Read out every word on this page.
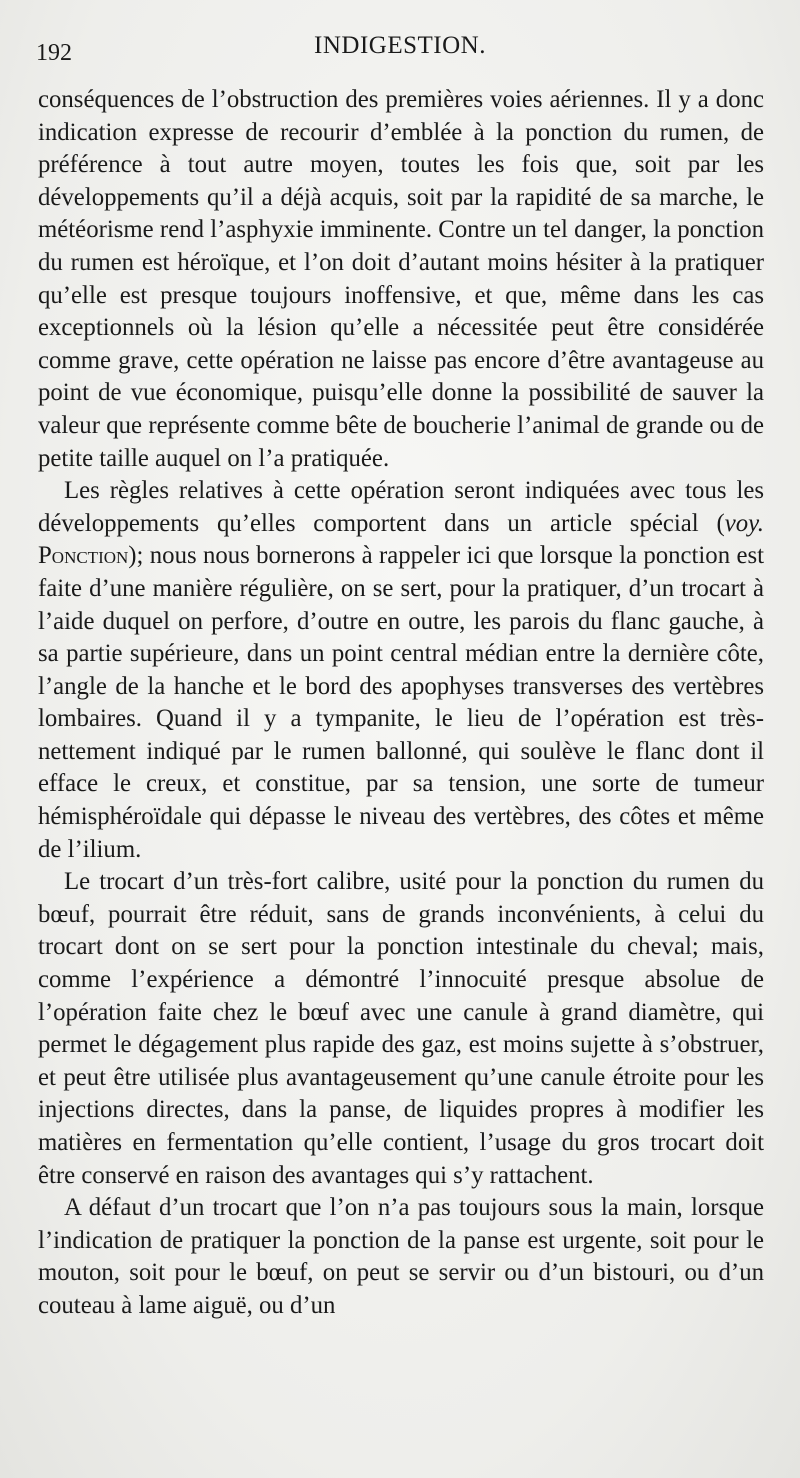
192	INDIGESTION.

conséquences de l’obstruction des premières voies aériennes. Il y a donc indication expresse de recourir d’emblée à la ponction du rumen, de préférence à tout autre moyen, toutes les fois que, soit par les développements qu’il a déjà acquis, soit par la rapidité de sa marche, le météorisme rend l’asphyxie imminente. Contre un tel danger, la ponction du rumen est héroïque, et l’on doit d’autant moins hésiter à la pratiquer qu’elle est presque toujours inoffensive, et que, même dans les cas exceptionnels où la lésion qu’elle a nécessitée peut être considérée comme grave, cette opération ne laisse pas encore d’être avantageuse au point de vue économique, puisqu’elle donne la possibilité de sauver la valeur que représente comme bête de boucherie l’animal de grande ou de petite taille auquel on l’a pratiquée.

Les règles relatives à cette opération seront indiquées avec tous les développements qu’elles comportent dans un article spécial (voy. Ponction); nous nous bornerons à rappeler ici que lorsque la ponction est faite d’une manière régulière, on se sert, pour la pratiquer, d’un trocart à l’aide duquel on perfore, d’outre en outre, les parois du flanc gauche, à sa partie supérieure, dans un point central médian entre la dernière côte, l’angle de la hanche et le bord des apophyses transverses des vertèbres lombaires. Quand il y a tympanite, le lieu de l’opération est très-nettement indiqué par le rumen ballonné, qui soulève le flanc dont il efface le creux, et constitue, par sa tension, une sorte de tumeur hémisphéroïdale qui dépasse le niveau des vertèbres, des côtes et même de l’ilium.

Le trocart d’un très-fort calibre, usité pour la ponction du rumen du bœuf, pourrait être réduit, sans de grands inconvénients, à celui du trocart dont on se sert pour la ponction intestinale du cheval; mais, comme l’expérience a démontré l’innocuité presque absolue de l’opération faite chez le bœuf avec une canule à grand diamètre, qui permet le dégagement plus rapide des gaz, est moins sujette à s’obstruer, et peut être utilisée plus avantageusement qu’une canule étroite pour les injections directes, dans la panse, de liquides propres à modifier les matières en fermentation qu’elle contient, l’usage du gros trocart doit être conservé en raison des avantages qui s’y rattachent.

A défaut d’un trocart que l’on n’a pas toujours sous la main, lorsque l’indication de pratiquer la ponction de la panse est urgente, soit pour le mouton, soit pour le bœuf, on peut se servir ou d’un bistouri, ou d’un couteau à lame aiguë, ou d’un
